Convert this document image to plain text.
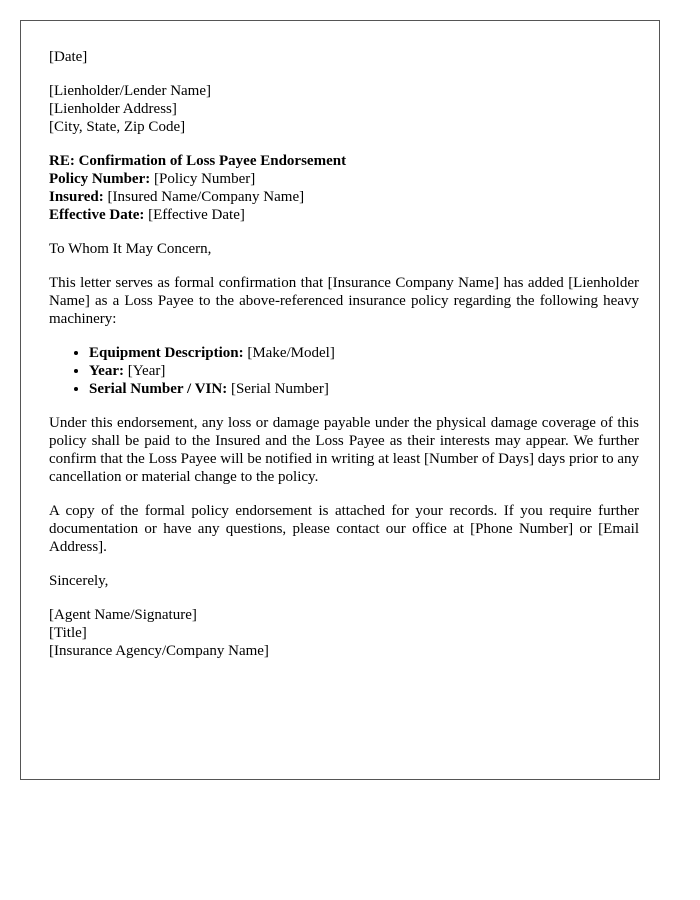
[Date]
[Lienholder/Lender Name]
[Lienholder Address]
[City, State, Zip Code]
RE: Confirmation of Loss Payee Endorsement
Policy Number: [Policy Number]
Insured: [Insured Name/Company Name]
Effective Date: [Effective Date]

To Whom It May Concern,

This letter serves as formal confirmation that [Insurance Company Name] has added [Lienholder Name] as a Loss Payee to the above-referenced insurance policy regarding the following heavy machinery:

• Equipment Description: [Make/Model]
• Year: [Year]
• Serial Number / VIN: [Serial Number]

Under this endorsement, any loss or damage payable under the physical damage coverage of this policy shall be paid to the Insured and the Loss Payee as their interests may appear. We further confirm that the Loss Payee will be notified in writing at least [Number of Days] days prior to any cancellation or material change to the policy.

A copy of the formal policy endorsement is attached for your records. If you require further documentation or have any questions, please contact our office at [Phone Number] or [Email Address].

Sincerely,

[Agent Name/Signature]
[Title]
[Insurance Agency/Company Name]
